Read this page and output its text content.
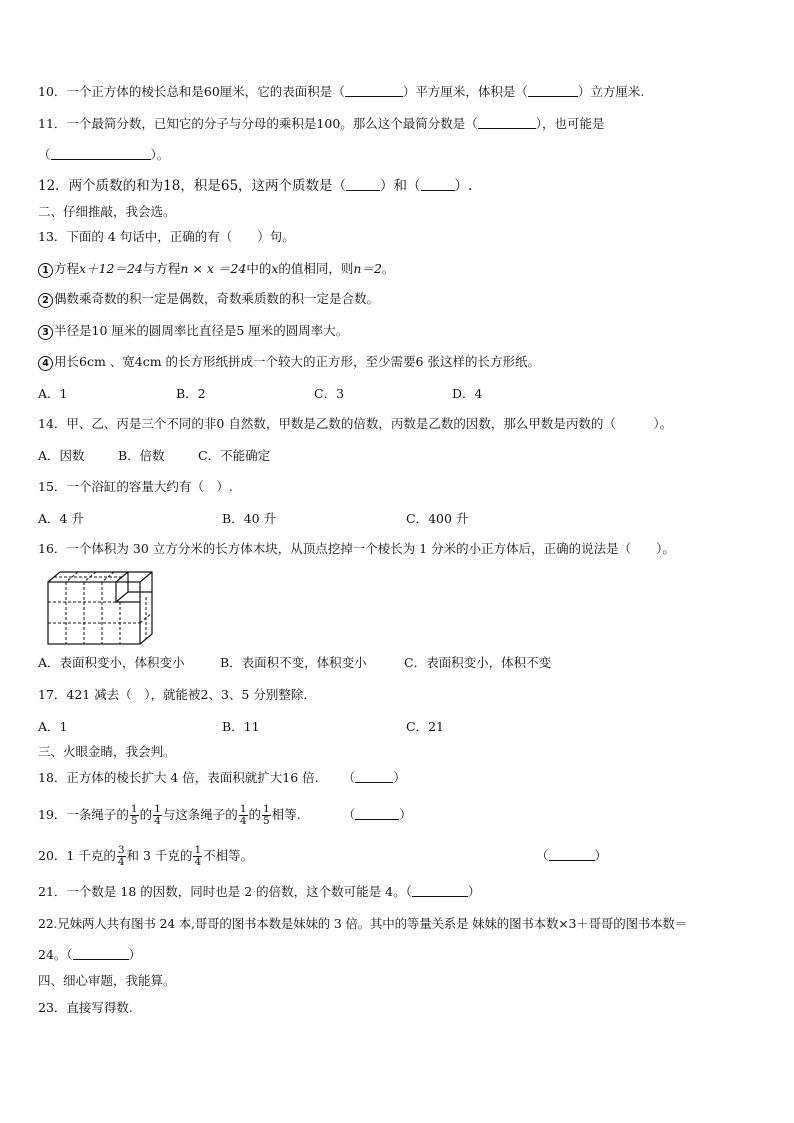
10．一个正方体的棱长总和是60厘米，它的表面积是（	）平方厘米，体积是（	）立方厘米.
11．一个最简分数，已知它的分子与分母的乘积是100。那么这个最简分数是（	），也可能是
（	）。
12．两个质数的和为18，积是65，这两个质数是（	）和（	）.
二、仔细推敲，我会选。
13．下面的 4 句话中，正确的有（　　）句。
1 方程x＋12＝24与方程n × x ＝24中的x的值相同，则n＝2。
2 偶数乘奇数的积一定是偶数，奇数乘质数的积一定是合数。
3 半径是10 厘米的圆周率比直径是5 厘米的圆周率大。
4 用长6cm 、宽4cm 的长方形纸拼成一个较大的正方形，至少需要6 张这样的长方形纸。
A．1	B．2	C．3	D．4
14．甲、乙、丙是三个不同的非0 自然数，甲数是乙数的倍数，丙数是乙数的因数，那么甲数是丙数的（　　　）。
A．因数	B．倍数	C．不能确定
15．一个浴缸的容量大约有（　）.
A．4 升	B．40 升	C．400 升
16．一个体积为 30 立方分米的长方体木块，从顶点挖掉一个棱长为 1 分米的小正方体后，正确的说法是（　　）。
A．表面积变小，体积变小	B．表面积不变，体积变小	C．表面积变小，体积不变
17．421 减去（　），就能被2、3、5 分别整除.
A．1	B．11	C．21
三、火眼金睛，我会判。
18．正方体的棱长扩大 4 倍，表面积就扩大16 倍. （	）
19．一条绳子的 $\frac{1}{5}$ 的 $\frac{1}{4}$ 与这条绳子的 $\frac{1}{4}$ 的 $\frac{1}{5}$ 相等.	（	）
20．1 千克的 $\frac{3}{4}$ 和 3 千克的 $\frac{1}{4}$ 不相等。	（	）
21．一个数是 18 的因数，同时也是 2 的倍数，这个数可能是 4。（	）
22.兄妹两人共有图书 24 本,哥哥的图书本数是妹妹的 3 倍。其中的等量关系是 妹妹的图书本数×3＋哥哥的图书本数＝
24。（	）
四、细心审题，我能算。
23．直接写得数.
